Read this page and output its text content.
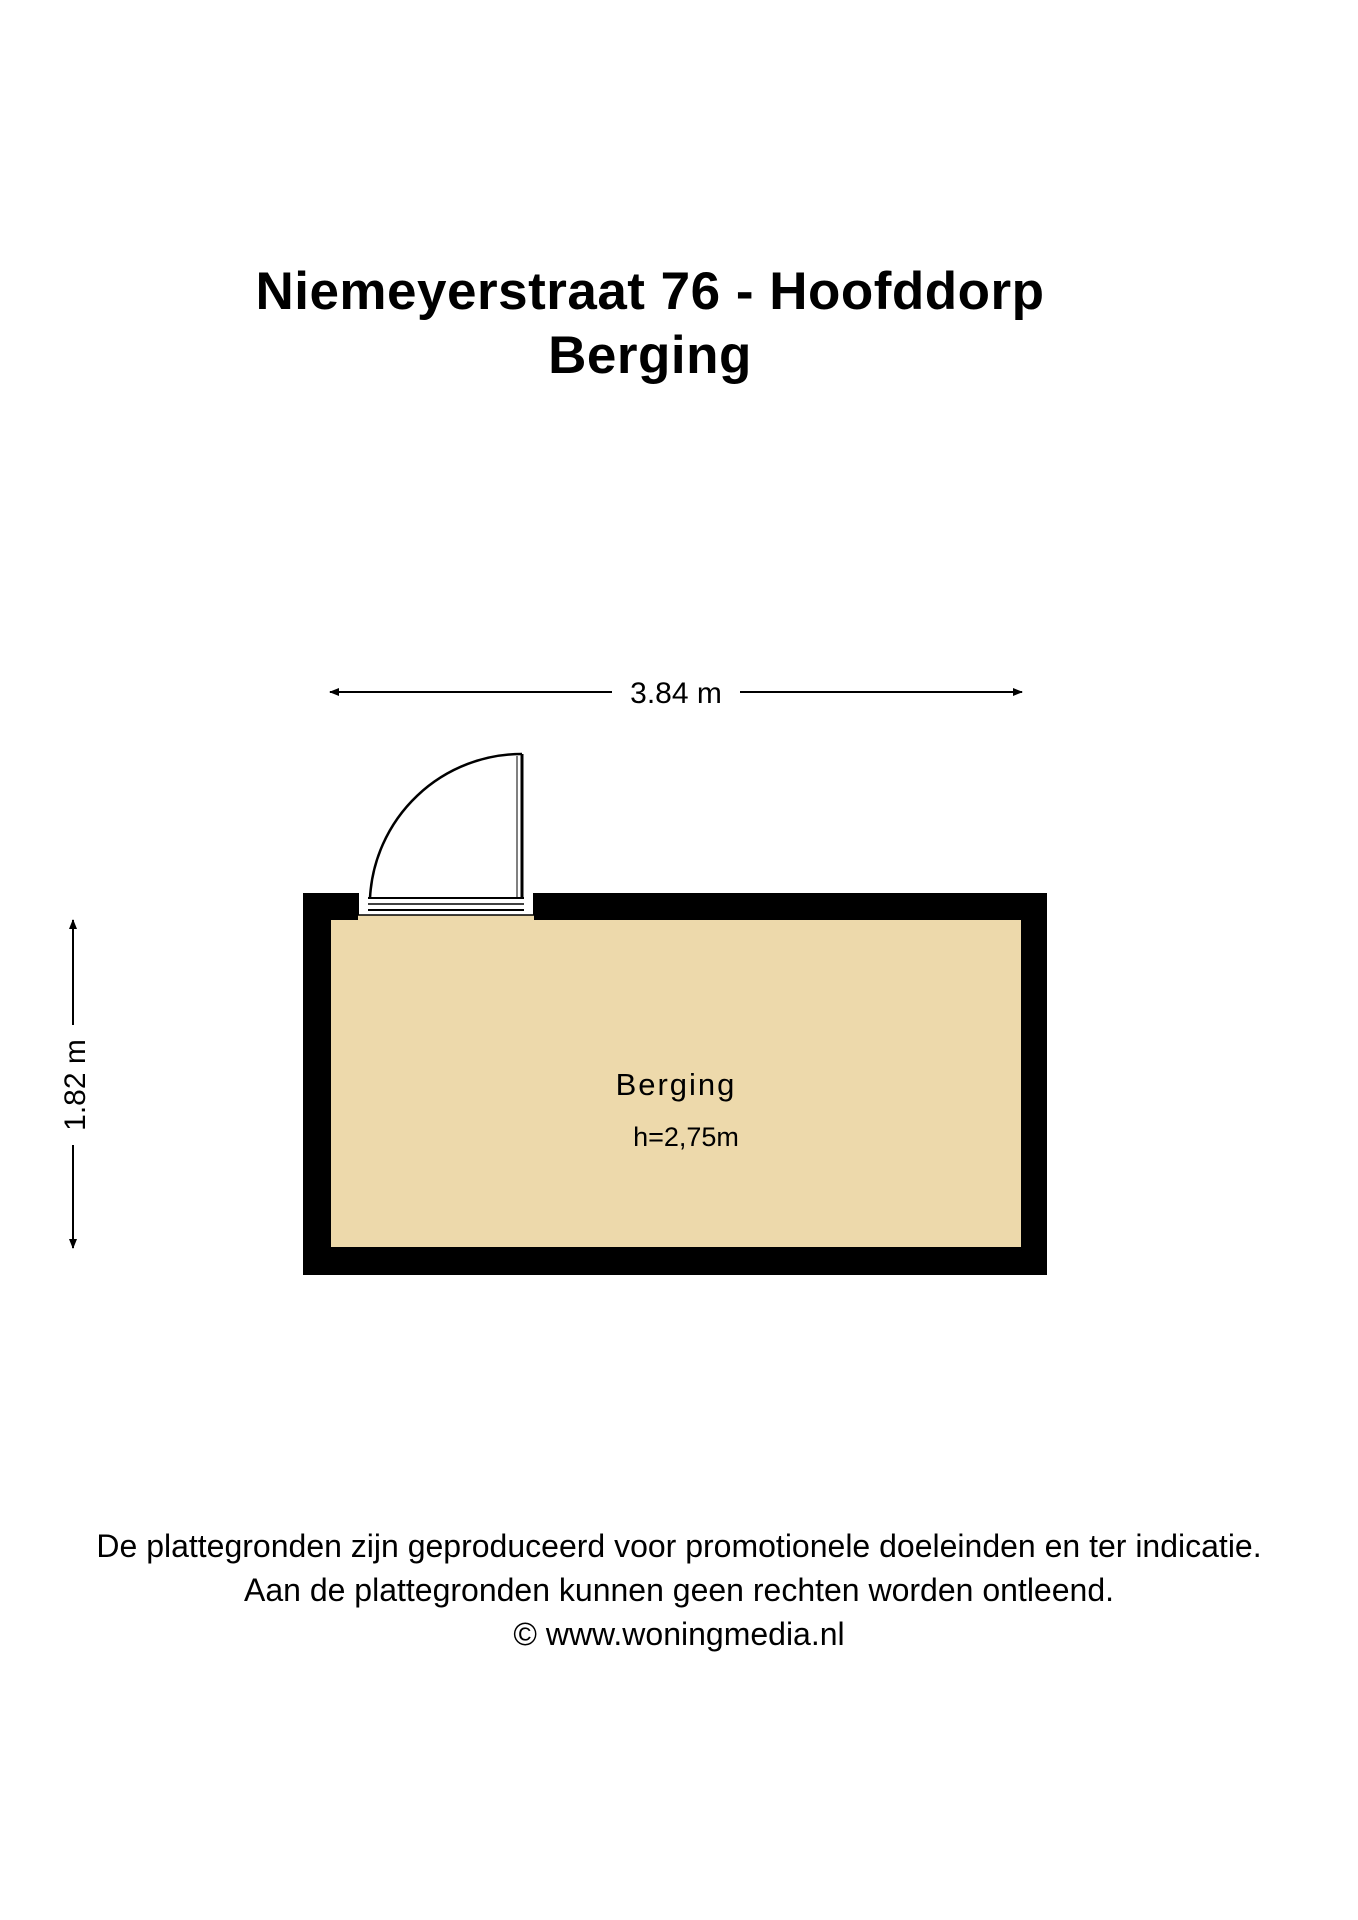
Niemeyerstraat 76 - Hoofddorp
Berging
3.84 m
1.82 m	Berging
h=2,75m
De plattegronden zijn geproduceerd voor promotionele doeleinden en ter indicatie.
Aan de plattegronden kunnen geen rechten worden ontleend.
© www.woningmedia.nl
